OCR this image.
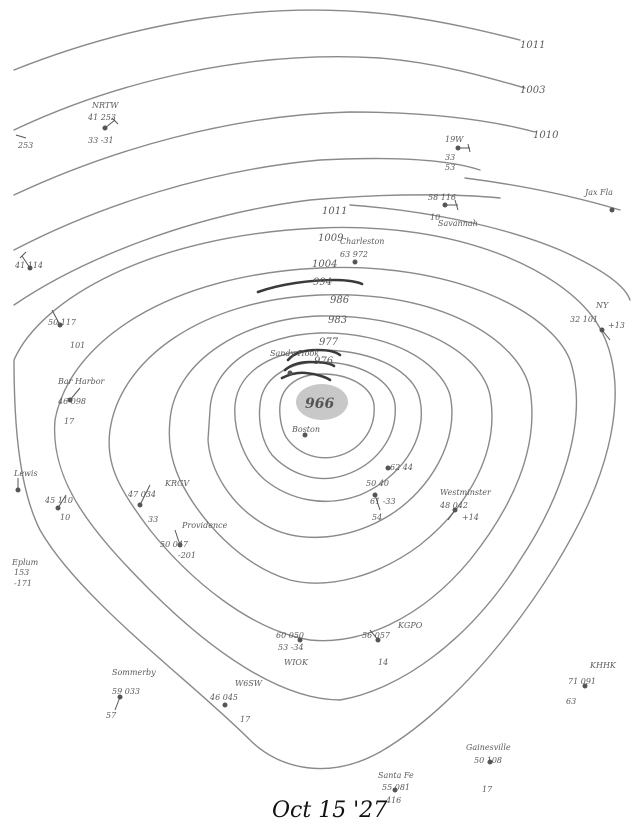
1011
1003
1010
1011
1009
1004
994
986
983
977
976
966
NRTW
41 253
33 -31
253
19W
33
53
58 116
10
Savannah
Jax Fla
41 114
50 117
101
Charleston
63 972
NY
32 101
+13
Bar Harbor
46 098
17
Sandy Hook
Boston
62 44
50 40
61 -33
54
Westminster
48 042
+14
Lewis
45 110
10
KRGV
47 034
33
Providence
50 047
-201
Eplum
153
-171
60 050
53 -34
WIOK
KGPO
56 057
14
Sommerby
59 033
57
W6SW
46 045
17
KHHK
71 091
63
Gainesville
50 108
17
Santa Fe
55 081
416
Oct 15 '27
